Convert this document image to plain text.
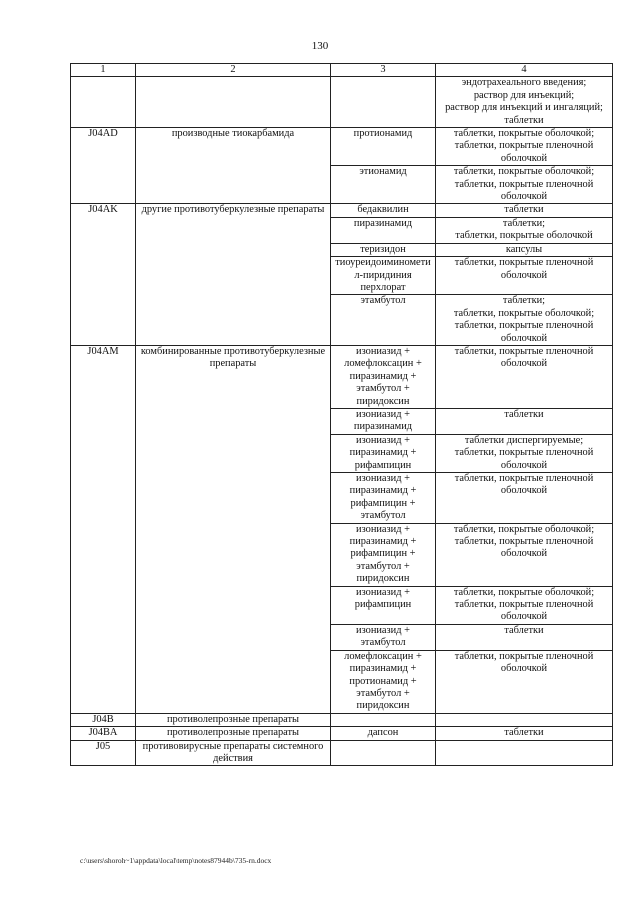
130
1	2	3	4
			эндотрахеального введения;
раствор для инъекций;
раствор для инъекций и ингаляций;
таблетки
J04AD	производные тиокарбамида	протионамид	таблетки, покрытые оболочкой;
таблетки, покрытые пленочной оболочкой
		этионамид	таблетки, покрытые оболочкой;
таблетки, покрытые пленочной оболочкой
J04AK	другие противотуберкулезные препараты	бедаквилин	таблетки
		пиразинамид	таблетки;
таблетки, покрытые оболочкой
		теризидон	капсулы
		тиоуреидоиминометил-пиридиния перхлорат	таблетки, покрытые пленочной оболочкой
		этамбутол	таблетки;
таблетки, покрытые оболочкой;
таблетки, покрытые пленочной оболочкой
J04AM	комбинированные противотуберкулезные препараты	изониазид + ломефлоксацин + пиразинамид + этамбутол + пиридоксин	таблетки, покрытые пленочной оболочкой
		изониазид + пиразинамид	таблетки
		изониазид + пиразинамид + рифампицин	таблетки диспергируемые;
таблетки, покрытые пленочной оболочкой
		изониазид + пиразинамид + рифампицин + этамбутол	таблетки, покрытые пленочной оболочкой
		изониазид + пиразинамид + рифампицин + этамбутол + пиридоксин	таблетки, покрытые оболочкой;
таблетки, покрытые пленочной оболочкой
		изониазид + рифампицин	таблетки, покрытые оболочкой;
таблетки, покрытые пленочной оболочкой
		изониазид + этамбутол	таблетки
		ломефлоксацин + пиразинамид + протионамид + этамбутол + пиридоксин	таблетки, покрытые пленочной оболочкой
J04B	противолепрозные препараты		
J04BA	противолепрозные препараты	дапсон	таблетки
J05	противовирусные препараты системного действия		
c:\users\shoroh~1\appdata\local\temp\notes87944b\735-rn.docx
